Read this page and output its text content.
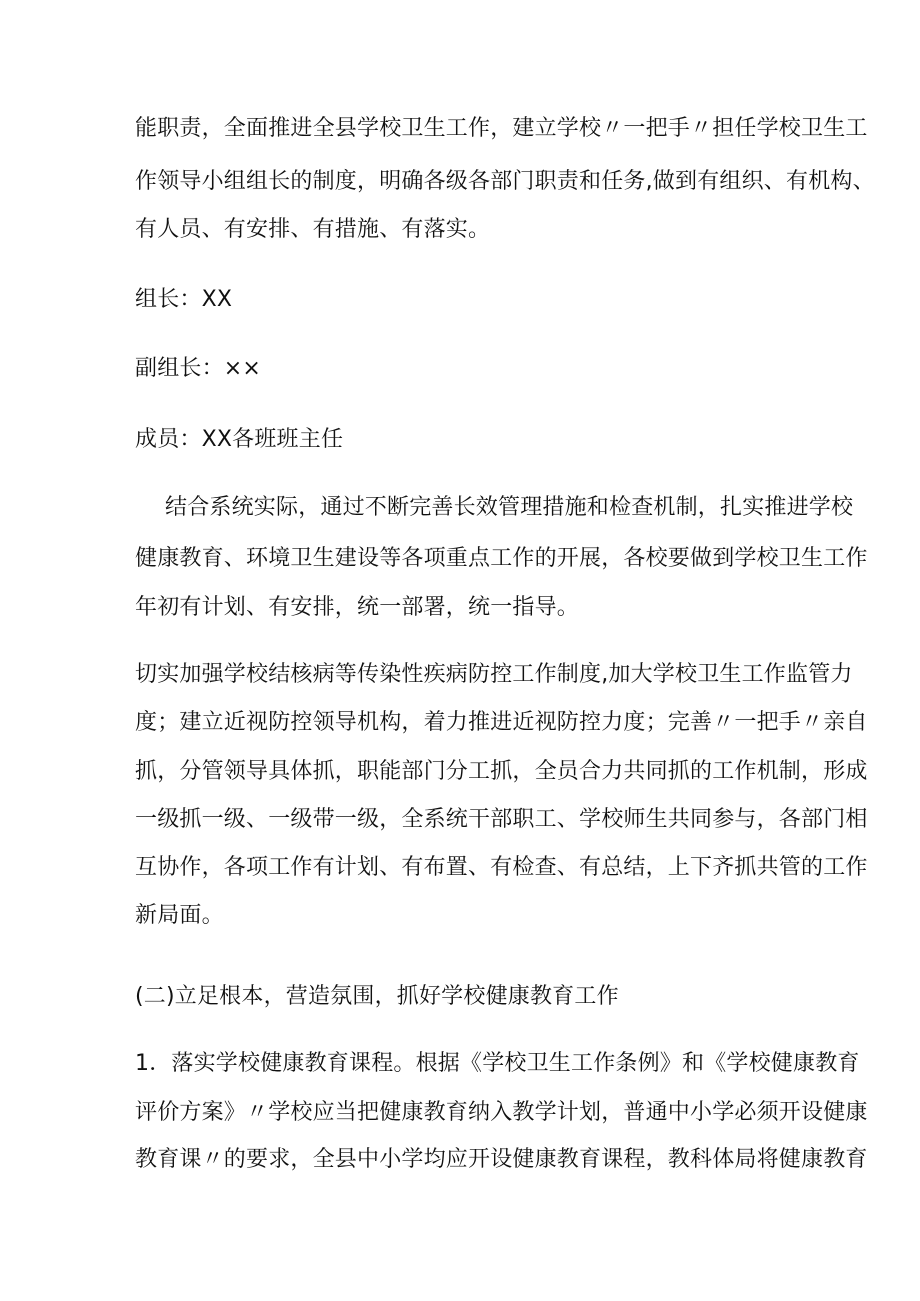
能职责，全面推进全县学校卫生工作，建立学校〃一把手〃担任学校卫生工
作领导小组组长的制度，明确各级各部门职责和任务,做到有组织、有机构、
有人员、有安排、有措施、有落实。
组长：XX
副组长：××
成员：XX各班班主任
结合系统实际，通过不断完善长效管理措施和检查机制，扎实推进学校
健康教育、环境卫生建设等各项重点工作的开展，各校要做到学校卫生工作
年初有计划、有安排，统一部署，统一指导。
切实加强学校结核病等传染性疾病防控工作制度,加大学校卫生工作监管力
度；建立近视防控领导机构，着力推进近视防控力度；完善〃一把手〃亲自
抓，分管领导具体抓，职能部门分工抓，全员合力共同抓的工作机制，形成
一级抓一级、一级带一级，全系统干部职工、学校师生共同参与，各部门相
互协作，各项工作有计划、有布置、有检查、有总结，上下齐抓共管的工作
新局面。
(二)立足根本，营造氛围，抓好学校健康教育工作
1．落实学校健康教育课程。根据《学校卫生工作条例》和《学校健康教育
评价方案》〃学校应当把健康教育纳入教学计划，普通中小学必须开设健康
教育课〃的要求，全县中小学均应开设健康教育课程，教科体局将健康教育
